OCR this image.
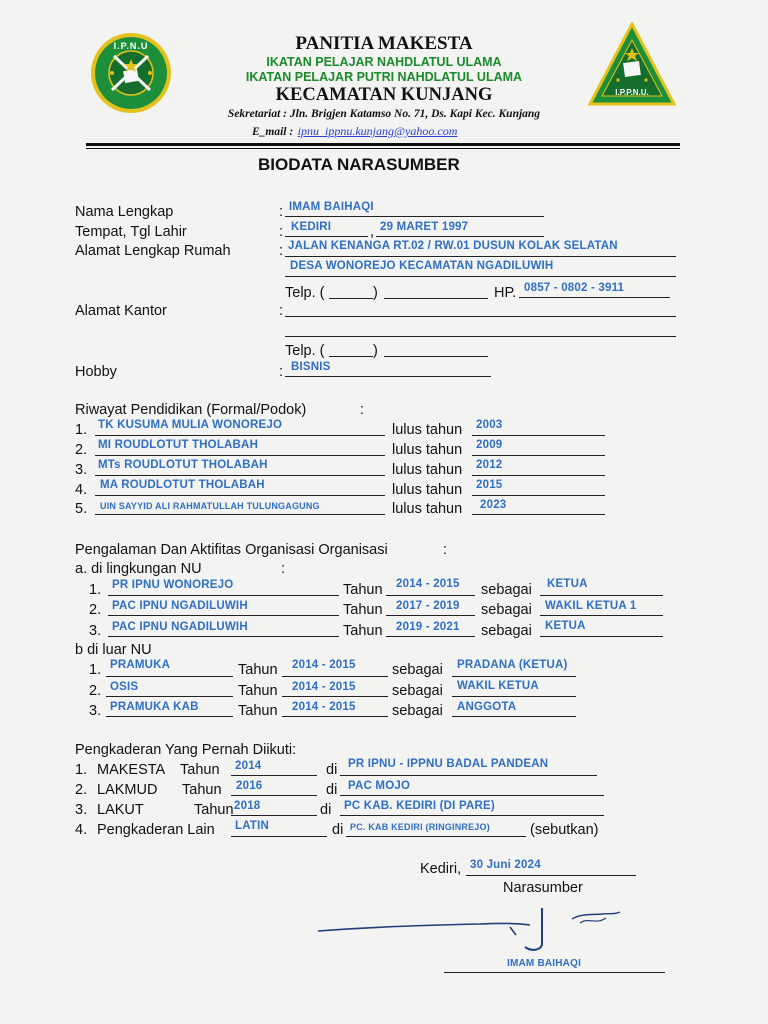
I.P.N.U
I.P.P.N.U.
PANITIA MAKESTA
IKATAN PELAJAR NAHDLATUL ULAMA
IKATAN PELAJAR PUTRI NAHDLATUL ULAMA
KECAMATAN KUNJANG
Sekretariat : Jln. Brigjen Katamso No. 71, Ds. Kapi Kec. Kunjang
E_mail : ipnu_ippnu.kunjang@yahoo.com
BIODATA NARASUMBER
Nama Lengkap	: IMAM BAIHAQI
Tempat, Tgl Lahir	: KEDIRI	, 29 MARET 1997
Alamat Lengkap Rumah	: JALAN KENANGA RT.02 / RW.01 DUSUN KOLAK SELATAN
DESA WONOREJO KECAMATAN NGADILUWIH
Telp. (	)	HP. 0857 - 0802 - 3911
Alamat Kantor	:
Telp. (	)
Hobby	: BISNIS
Riwayat Pendidikan (Formal/Podok)	:
1. TK KUSUMA MULIA WONOREJO	lulus tahun 2003
2. MI ROUDLOTUT THOLABAH	lulus tahun 2009
3. MTs ROUDLOTUT THOLABAH	lulus tahun 2012
4. MA ROUDLOTUT THOLABAH	lulus tahun 2015
5. UIN SAYYID ALI RAHMATULLAH TULUNGAGUNG	lulus tahun 2023
Pengalaman Dan Aktifitas Organisasi Organisasi	:
a. di lingkungan NU	:
1. PR IPNU WONOREJO	Tahun 2014 - 2015 sebagai KETUA
2. PAC IPNU NGADILUWIH	Tahun 2017 - 2019 sebagai WAKIL KETUA 1
3. PAC IPNU NGADILUWIH	Tahun 2019 - 2021 sebagai KETUA
b di luar NU
1. PRAMUKA	Tahun 2014 - 2015	sebagai PRADANA (KETUA)
2. OSIS	Tahun 2014 - 2015	sebagai WAKIL KETUA
3. PRAMUKA KAB	Tahun 2014 - 2015	sebagai ANGGOTA
Pengkaderan Yang Pernah Diikuti:
1. MAKESTA Tahun 2014	di PR IPNU - IPPNU BADAL PANDEAN
2. LAKMUD Tahun 2016	di PAC MOJO
3. LAKUT	Tahun 2018	di PC KAB. KEDIRI (DI PARE)
4. Pengkaderan Lain LATIN	di PC. KAB KEDIRI (RINGINREJO)	(sebutkan)
Kediri, 30 Juni 2024
Narasumber
IMAM BAIHAQI
